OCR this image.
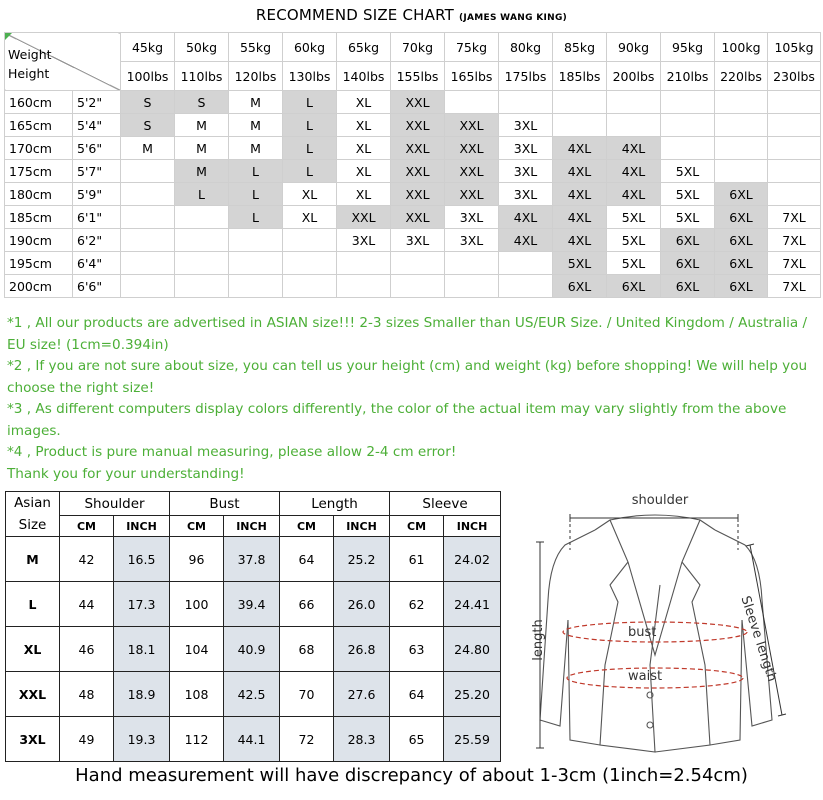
RECOMMEND SIZE CHART (JAMES WANG KING)
Weight
Height		45kg	50kg	55kg	60kg	65kg	70kg	75kg	80kg	85kg	90kg	95kg	100kg	105kg
		100lbs	110lbs	120lbs	130lbs	140lbs	155lbs	165lbs	175lbs	185lbs	200lbs	210lbs	220lbs	230lbs
160cm	5'2"	S	S	M	L	XL	XXL							
165cm	5'4"	S	M	M	L	XL	XXL	XXL	3XL					
170cm	5'6"	M	M	M	L	XL	XXL	XXL	3XL	4XL	4XL			
175cm	5'7"		M	L	L	XL	XXL	XXL	3XL	4XL	4XL	5XL		
180cm	5'9"		L	L	XL	XL	XXL	XXL	3XL	4XL	4XL	5XL	6XL	
185cm	6'1"			L	XL	XXL	XXL	3XL	4XL	4XL	5XL	5XL	6XL	7XL
190cm	6'2"					3XL	3XL	3XL	4XL	4XL	5XL	6XL	6XL	7XL
195cm	6'4"									5XL	5XL	6XL	6XL	7XL
200cm	6'6"									6XL	6XL	6XL	6XL	7XL

*1 , All our products are advertised in ASIAN size!!! 2-3 sizes Smaller than US/EUR Size. / United Kingdom / Australia / EU size! (1cm=0.394in)

*2 , If you are not sure about size, you can tell us your height (cm) and weight (kg) before shopping! We will help you choose the right size!

*3 , As different computers display colors differently, the color of the actual item may vary slightly from the above images.

*4 , Product is pure manual measuring, please allow 2-4 cm error!

Thank you for your understanding!

Asian
Size	Shoulder		Bust		Length		Sleeve	
	CM	INCH	CM	INCH	CM	INCH	CM	INCH
M	42	16.5	96	37.8	64	25.2	61	24.02
L	44	17.3	100	39.4	66	26.0	62	24.41
XL	46	18.1	104	40.9	68	26.8	63	24.80
XXL	48	18.9	108	42.5	70	27.6	64	25.20
3XL	49	19.3	112	44.1	72	28.3	65	25.59
shoulder
bust
waist
length	Sleeve length
Hand measurement will have discrepancy of about 1-3cm (1inch=2.54cm)
